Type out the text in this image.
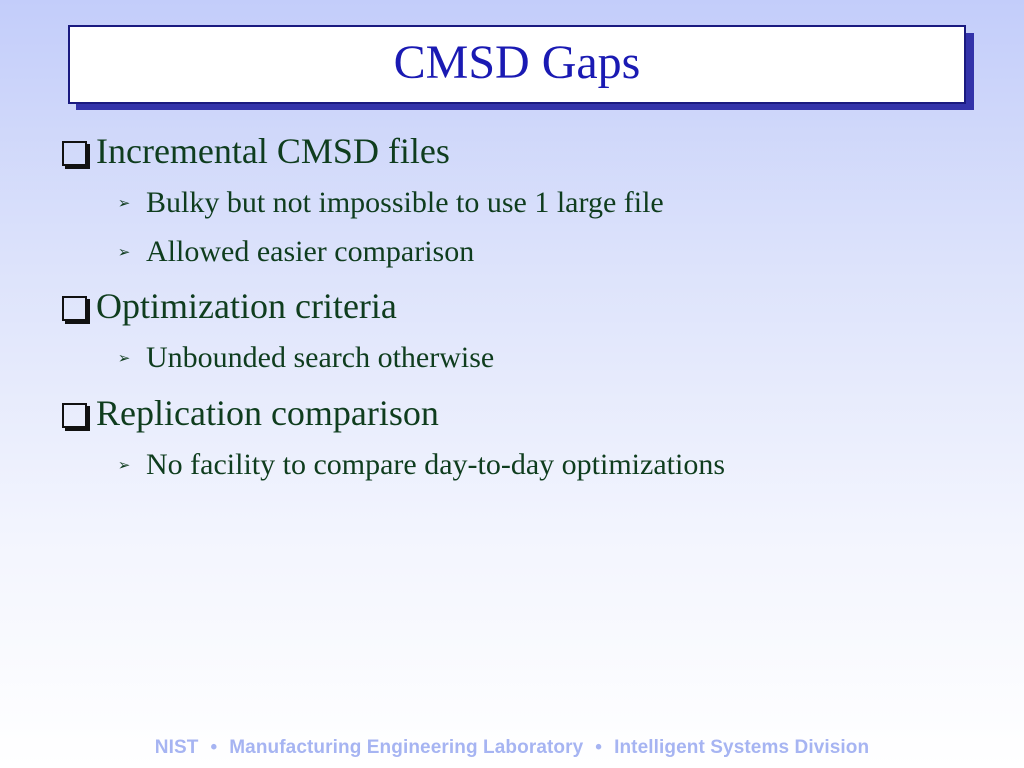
CMSD Gaps
Incremental CMSD files
➢ Bulky but not impossible to use 1 large file
➢ Allowed easier comparison
Optimization criteria
➢ Unbounded search otherwise
Replication comparison
➢ No facility to compare day-to-day optimizations
NIST • Manufacturing Engineering Laboratory • Intelligent Systems Division
